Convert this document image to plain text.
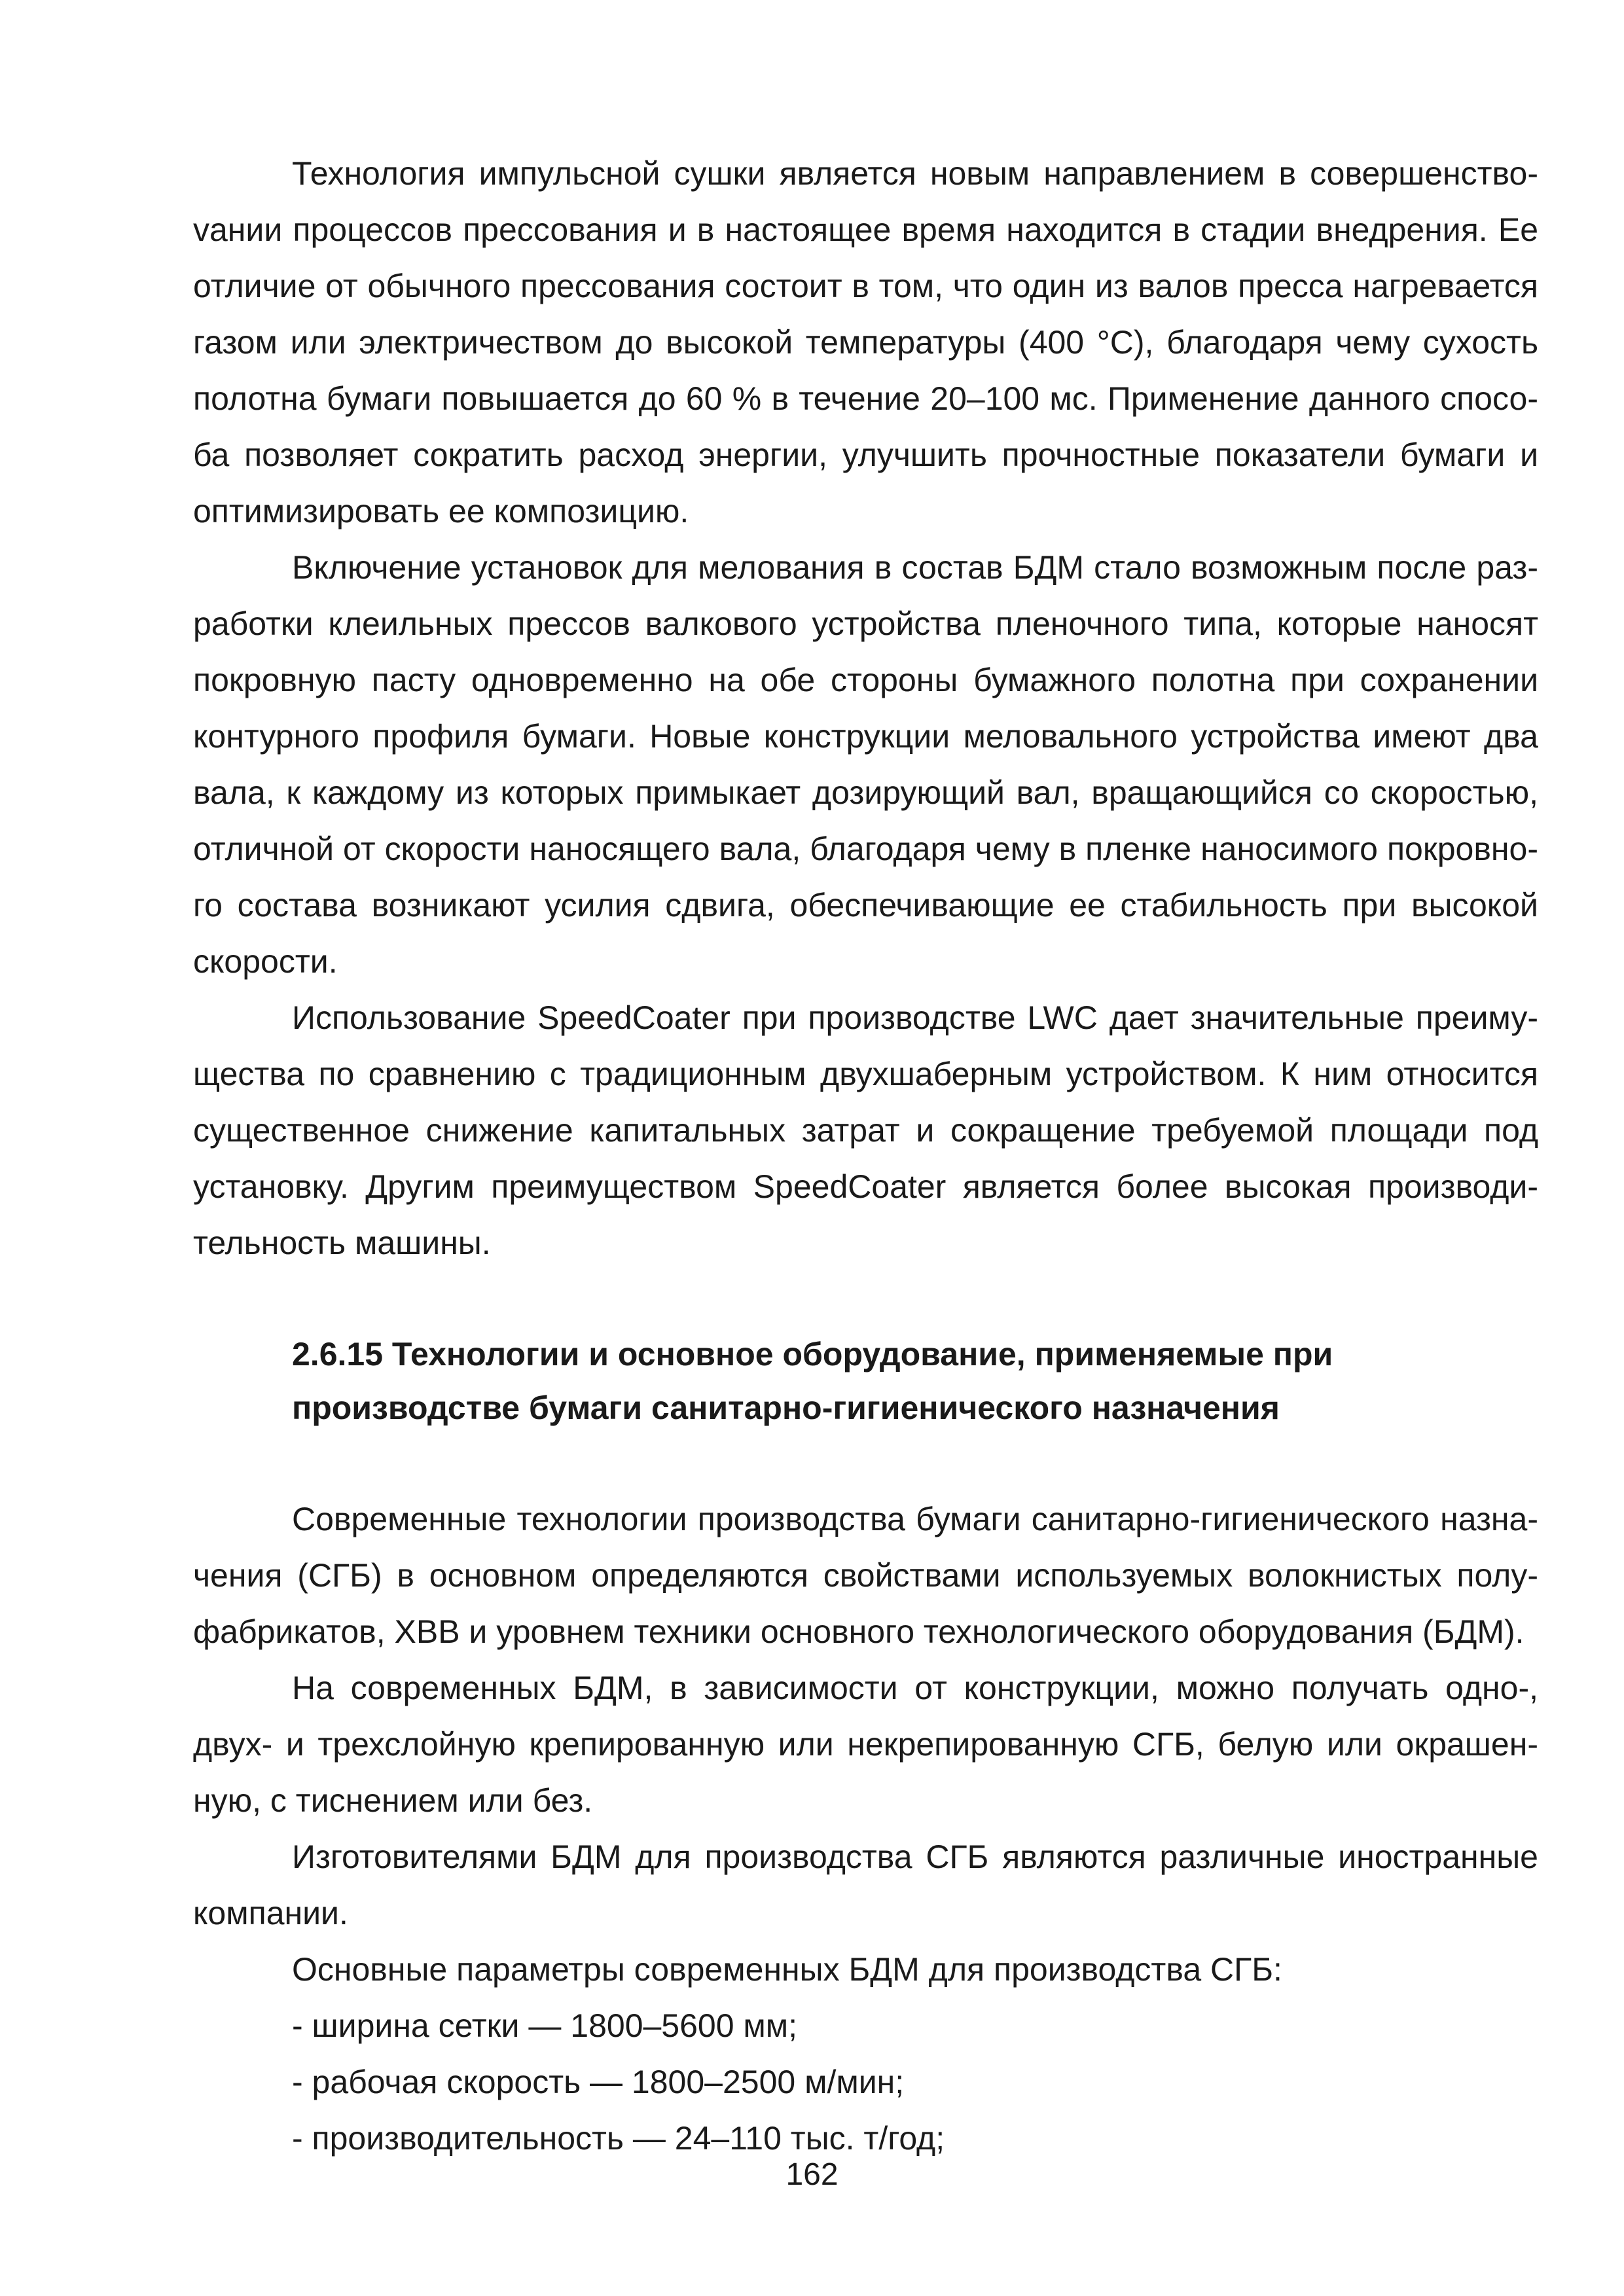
Технология импульсной сушки является новым направлением в совершенствоvании процессов прессования и в настоящее время находится в стадии внедрения. Ее отличие от обычного прессования состоит в том, что один из валов пресса нагревается газом или электричеством до высокой температуры (400 °С), благодаря чему сухость полотна бумаги повышается до 60 % в течение 20–100 мс. Применение данного способа позволяет сократить расход энергии, улучшить прочностные показатели бумаги и оптимизировать ее композицию.

Включение установок для мелования в состав БДМ стало возможным после разработки клеильных прессов валкового устройства пленочного типа, которые наносят покровную пасту одновременно на обе стороны бумажного полотна при сохранении контурного профиля бумаги. Новые конструкции меловального устройства имеют два вала, к каждому из которых примыкает дозирующий вал, вращающийся со скоростью, отличной от скорости наносящего вала, благодаря чему в пленке наносимого покровного состава возникают усилия сдвига, обеспечивающие ее стабильность при высокой скорости.

Использование SpeedCoater при производстве LWC дает значительные преимущества по сравнению с традиционным двухшаберным устройством. К ним относится существенное снижение капитальных затрат и сокращение требуемой площади под установку. Другим преимуществом SpeedCoater является более высокая производительность машины.

2.6.15 Технологии и основное оборудование, применяемые при
производстве бумаги санитарно-гигиенического назначения

Современные технологии производства бумаги санитарно-гигиенического назначения (СГБ) в основном определяются свойствами используемых волокнистых полуфабрикатов, ХВВ и уровнем техники основного технологического оборудования (БДМ).

На современных БДМ, в зависимости от конструкции, можно получать одно-, двух- и трехслойную крепированную или некрепированную СГБ, белую или окрашенную, с тиснением или без.

Изготовителями БДМ для производства СГБ являются различные иностранные компании.

Основные параметры современных БДМ для производства СГБ:

- ширина сетки — 1800–5600 мм;

- рабочая скорость — 1800–2500 м/мин;

- производительность — 24–110 тыс. т/год;

162
